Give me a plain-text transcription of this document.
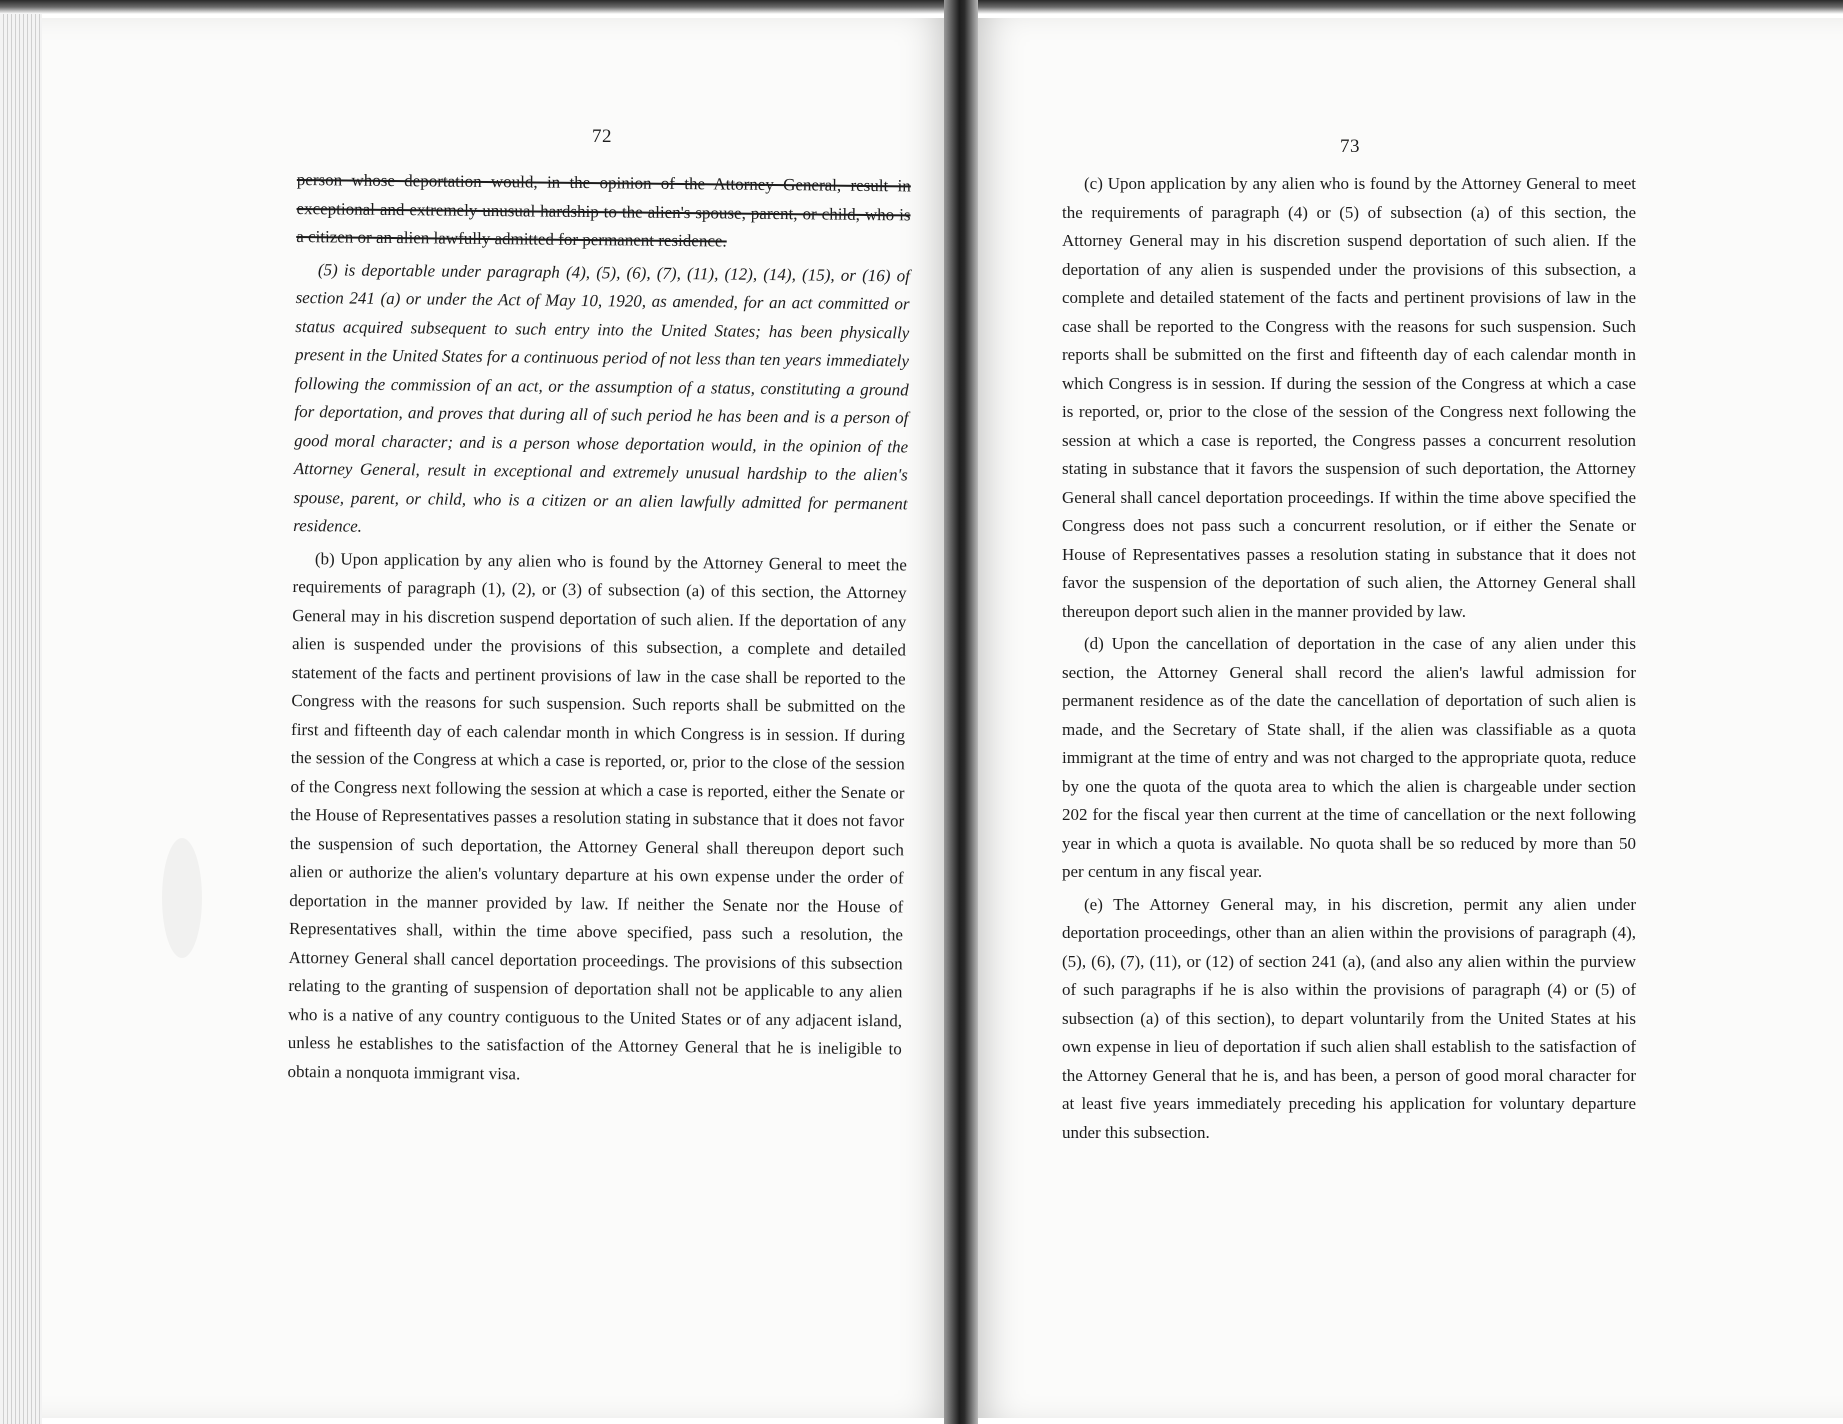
72

person whose deportation would, in the opinion of the Attorney General, result in exceptional and extremely unusual hardship to the alien's spouse, parent, or child, who is a citizen or an alien lawfully admitted for permanent residence.

(5) is deportable under paragraph (4), (5), (6), (7), (11), (12), (14), (15), or (16) of section 241 (a) or under the Act of May 10, 1920, as amended, for an act committed or status acquired subsequent to such entry into the United States; has been physically present in the United States for a continuous period of not less than ten years immediately following the commission of an act, or the assumption of a status, constituting a ground for deportation, and proves that during all of such period he has been and is a person of good moral character; and is a person whose deportation would, in the opinion of the Attorney General, result in exceptional and extremely unusual hardship to the alien's spouse, parent, or child, who is a citizen or an alien lawfully admitted for permanent residence.

(b) Upon application by any alien who is found by the Attorney General to meet the requirements of paragraph (1), (2), or (3) of subsection (a) of this section, the Attorney General may in his discretion suspend deportation of such alien. If the deportation of any alien is suspended under the provisions of this subsection, a complete and detailed statement of the facts and pertinent provisions of law in the case shall be reported to the Congress with the reasons for such suspension. Such reports shall be submitted on the first and fifteenth day of each calendar month in which Congress is in session. If during the session of the Congress at which a case is reported, or, prior to the close of the session of the Congress next following the session at which a case is reported, either the Senate or the House of Representatives passes a resolution stating in substance that it does not favor the suspension of such deportation, the Attorney General shall thereupon deport such alien or authorize the alien's voluntary departure at his own expense under the order of deportation in the manner provided by law. If neither the Senate nor the House of Representatives shall, within the time above specified, pass such a resolution, the Attorney General shall cancel deportation proceedings. The provisions of this subsection relating to the granting of suspension of deportation shall not be applicable to any alien who is a native of any country contiguous to the United States or of any adjacent island, unless he establishes to the satisfaction of the Attorney General that he is ineligible to obtain a nonquota immigrant visa.

73

(c) Upon application by any alien who is found by the Attorney General to meet the requirements of paragraph (4) or (5) of subsection (a) of this section, the Attorney General may in his discretion suspend deportation of such alien. If the deportation of any alien is suspended under the provisions of this subsection, a complete and detailed statement of the facts and pertinent provisions of law in the case shall be reported to the Congress with the reasons for such suspension. Such reports shall be submitted on the first and fifteenth day of each calendar month in which Congress is in session. If during the session of the Congress at which a case is reported, or, prior to the close of the session of the Congress next following the session at which a case is reported, the Congress passes a concurrent resolution stating in substance that it favors the suspension of such deportation, the Attorney General shall cancel deportation proceedings. If within the time above specified the Congress does not pass such a concurrent resolution, or if either the Senate or House of Representatives passes a resolution stating in substance that it does not favor the suspension of the deportation of such alien, the Attorney General shall thereupon deport such alien in the manner provided by law.

(d) Upon the cancellation of deportation in the case of any alien under this section, the Attorney General shall record the alien's lawful admission for permanent residence as of the date the cancellation of deportation of such alien is made, and the Secretary of State shall, if the alien was classifiable as a quota immigrant at the time of entry and was not charged to the appropriate quota, reduce by one the quota of the quota area to which the alien is chargeable under section 202 for the fiscal year then current at the time of cancellation or the next following year in which a quota is available. No quota shall be so reduced by more than 50 per centum in any fiscal year.

(e) The Attorney General may, in his discretion, permit any alien under deportation proceedings, other than an alien within the provisions of paragraph (4), (5), (6), (7), (11), or (12) of section 241 (a), (and also any alien within the purview of such paragraphs if he is also within the provisions of paragraph (4) or (5) of subsection (a) of this section), to depart voluntarily from the United States at his own expense in lieu of deportation if such alien shall establish to the satisfaction of the Attorney General that he is, and has been, a person of good moral character for at least five years immediately preceding his application for voluntary departure under this subsection.
